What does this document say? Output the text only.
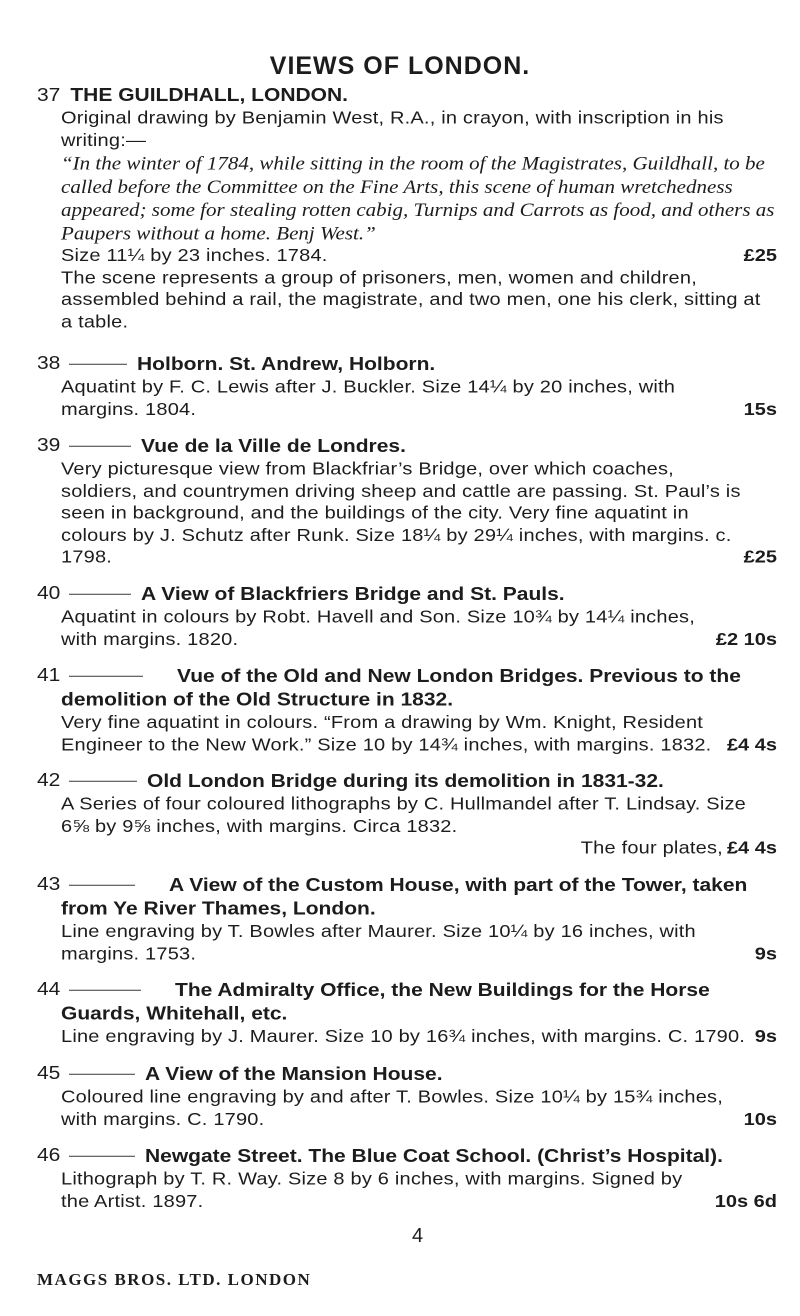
VIEWS OF LONDON.
37 THE GUILDHALL, LONDON.

Original drawing by Benjamin West, R.A., in crayon, with inscription in his writing:—

“In the winter of 1784, while sitting in the room of the Magistrates, Guildhall, to be called before the Committee on the Fine Arts, this scene of human wretchedness appeared; some for stealing rotten cabig, Turnips and Carrots as food, and others as Paupers without a home. Benj West.”

Size 11¼ by 23 inches. 1784.	£25

The scene represents a group of prisoners, men, women and children, assembled behind a rail, the magistrate, and two men, one his clerk, sitting at a table.

38	Holborn. St. Andrew, Holborn.

Aquatint by F. C. Lewis after J. Buckler. Size 14¼ by 20 inches, with margins. 1804.	15s
39	Vue de la Ville de Londres.

Very picturesque view from Blackfriar’s Bridge, over which coaches, soldiers, and countrymen driving sheep and cattle are passing. St. Paul’s is seen in background, and the buildings of the city. Very fine aquatint in colours by J. Schutz after Runk. Size 18¼ by 29¼ inches, with margins. c. 1798.	£25
40	A View of Blackfriers Bridge and St. Pauls.

Aquatint in colours by Robt. Havell and Son. Size 10¾ by 14¼ inches, with margins. 1820.	£2 10s
41	Vue of the Old and New London Bridges. Previous to the demolition of the Old Structure in 1832.

Very fine aquatint in colours. “From a drawing by Wm. Knight, Resident Engineer to the New Work.” Size 10 by 14¾ inches, with margins. 1832. £4 4s
42	Old London Bridge during its demolition in 1831-32.

A Series of four coloured lithographs by C. Hullmandel after T. Lindsay. Size 6⅝ by 9⅝ inches, with margins. Circa 1832.

The four plates, £4 4s
43	A View of the Custom House, with part of the Tower, taken from Ye River Thames, London.

Line engraving by T. Bowles after Maurer. Size 10¼ by 16 inches, with margins. 1753.	9s
44	The Admiralty Office, the New Buildings for the Horse Guards, Whitehall, etc.

Line engraving by J. Maurer. Size 10 by 16¾ inches, with margins. C. 1790. 9s
45	A View of the Mansion House.

Coloured line engraving by and after T. Bowles. Size 10¼ by 15¾ inches, with margins. C. 1790.	10s
46	Newgate Street. The Blue Coat School. (Christ’s Hospital).

Lithograph by T. R. Way. Size 8 by 6 inches, with margins. Signed by the Artist. 1897.	10s 6d
4
MAGGS BROS. LTD. LONDON
